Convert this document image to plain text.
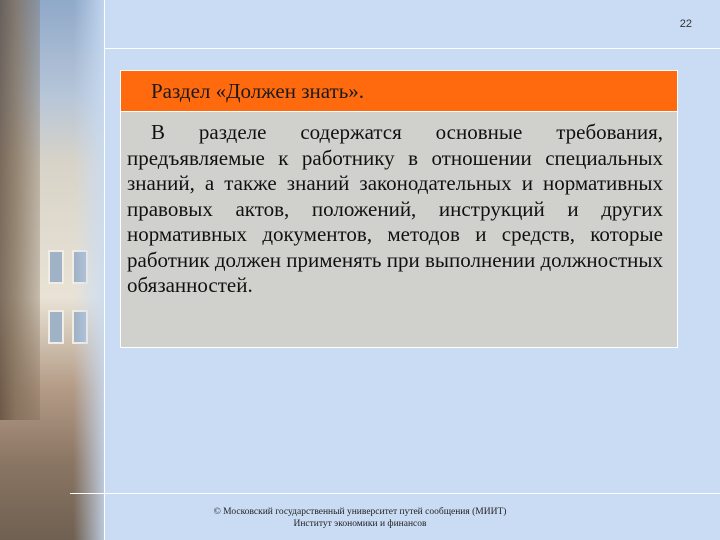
22
Раздел «Должен знать».
В разделе содержатся основные требования, предъявляемые к работнику в отношении специальных знаний, а также знаний законодательных и нормативных правовых актов, положений, инструкций и других нормативных документов, методов и средств, которые работник должен применять при выполнении должностных обязанностей.
© Московский государственный университет путей сообщения (МИИТ)
Институт экономики и финансов
